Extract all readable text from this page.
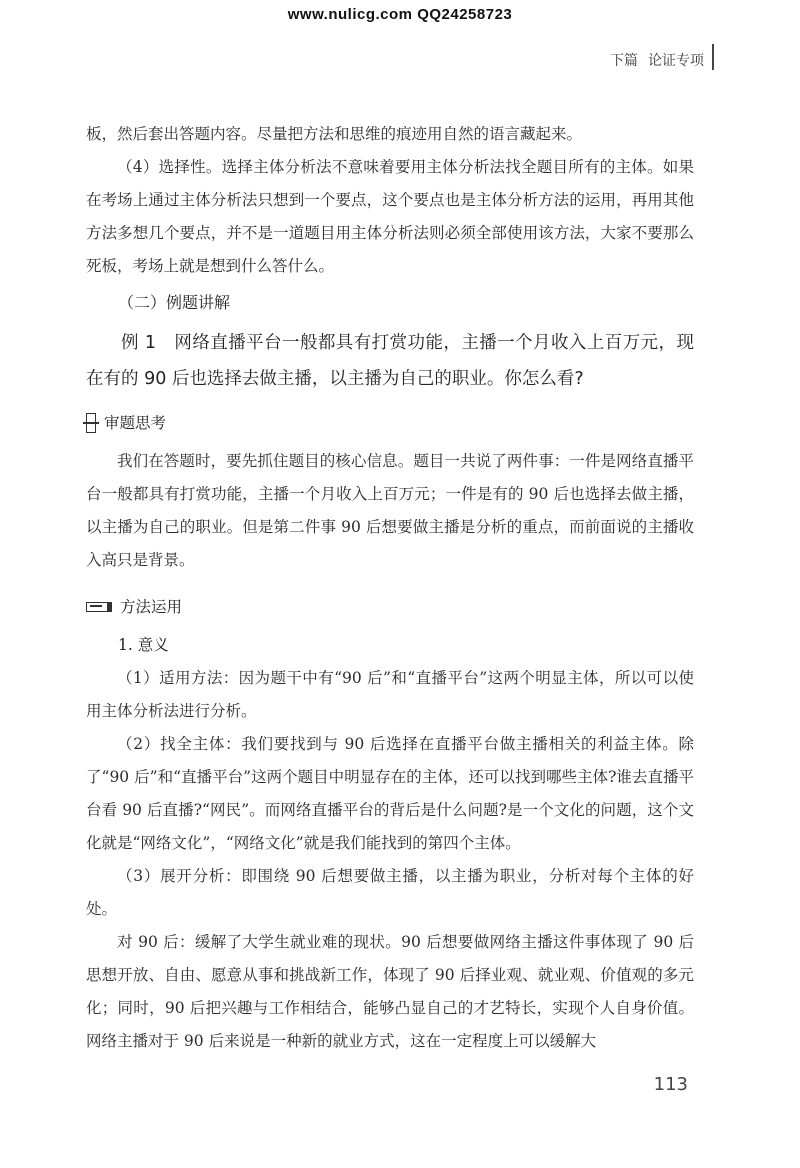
www.nulicg.com QQ24258723
下篇 论证专项

板，然后套出答题内容。尽量把方法和思维的痕迹用自然的语言藏起来。

（4）选择性。选择主体分析法不意味着要用主体分析法找全题目所有的主体。如果在考场上通过主体分析法只想到一个要点，这个要点也是主体分析方法的运用，再用其他方法多想几个要点，并不是一道题目用主体分析法则必须全部使用该方法，大家不要那么死板，考场上就是想到什么答什么。

（二）例题讲解
例 1　网络直播平台一般都具有打赏功能，主播一个月收入上百万元，现在有的 90 后也选择去做主播，以主播为自己的职业。你怎么看?
审题思考

我们在答题时，要先抓住题目的核心信息。题目一共说了两件事：一件是网络直播平台一般都具有打赏功能，主播一个月收入上百万元；一件是有的 90 后也选择去做主播，以主播为自己的职业。但是第二件事 90 后想要做主播是分析的重点，而前面说的主播收入高只是背景。

方法运用

1. 意义

（1）适用方法：因为题干中有“90 后”和“直播平台”这两个明显主体，所以可以使用主体分析法进行分析。

（2）找全主体：我们要找到与 90 后选择在直播平台做主播相关的利益主体。除了“90 后”和“直播平台”这两个题目中明显存在的主体，还可以找到哪些主体?谁去直播平台看 90 后直播?“网民”。而网络直播平台的背后是什么问题?是一个文化的问题，这个文化就是“网络文化”，“网络文化”就是我们能找到的第四个主体。

（3）展开分析：即围绕 90 后想要做主播，以主播为职业，分析对每个主体的好处。

对 90 后：缓解了大学生就业难的现状。90 后想要做网络主播这件事体现了 90 后思想开放、自由、愿意从事和挑战新工作，体现了 90 后择业观、就业观、价值观的多元化；同时，90 后把兴趣与工作相结合，能够凸显自己的才艺特长，实现个人自身价值。网络主播对于 90 后来说是一种新的就业方式，这在一定程度上可以缓解大

113
